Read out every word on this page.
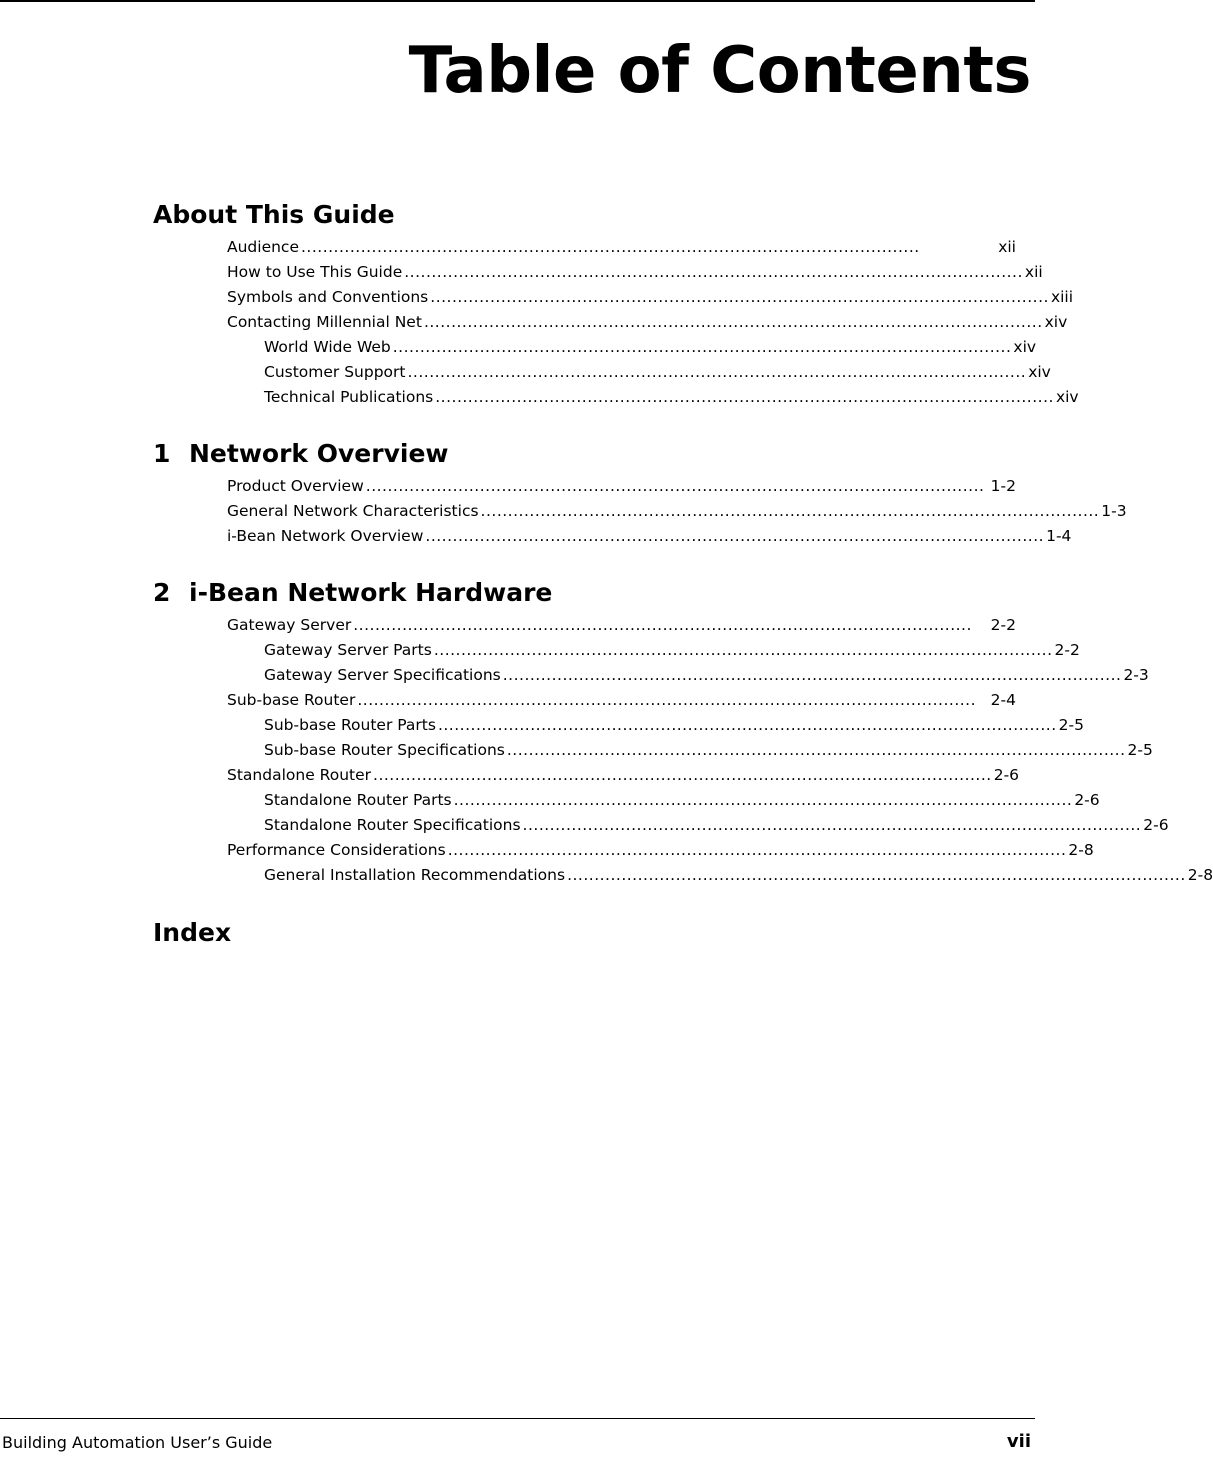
Table of Contents
About This Guide
Audience ..................................................................................................................	xii
How to Use This Guide .................................................................................................................. xii
Symbols and Conventions .................................................................................................................. xiii
Contacting Millennial Net .................................................................................................................. xiv
World Wide Web .................................................................................................................. xiv
Customer Support .................................................................................................................. xiv
Technical Publications .................................................................................................................. xiv
1 Network Overview
Product Overview .................................................................................................................. 1-2
General Network Characteristics .................................................................................................................. 1-3
i-Bean Network Overview .................................................................................................................. 1-4
2 i-Bean Network Hardware
Gateway Server ..................................................................................................................	2-2
Gateway Server Parts .................................................................................................................. 2-2
Gateway Server Specifications .................................................................................................................. 2-3
Sub-base Router .................................................................................................................. 2-4
Sub-base Router Parts .................................................................................................................. 2-5
Sub-base Router Specifications .................................................................................................................. 2-5
Standalone Router .................................................................................................................. 2-6
Standalone Router Parts .................................................................................................................. 2-6
Standalone Router Specifications .................................................................................................................. 2-6
Performance Considerations .................................................................................................................. 2-8
General Installation Recommendations .................................................................................................................. 2-8
Index
Building Automation User’s Guide	vii
